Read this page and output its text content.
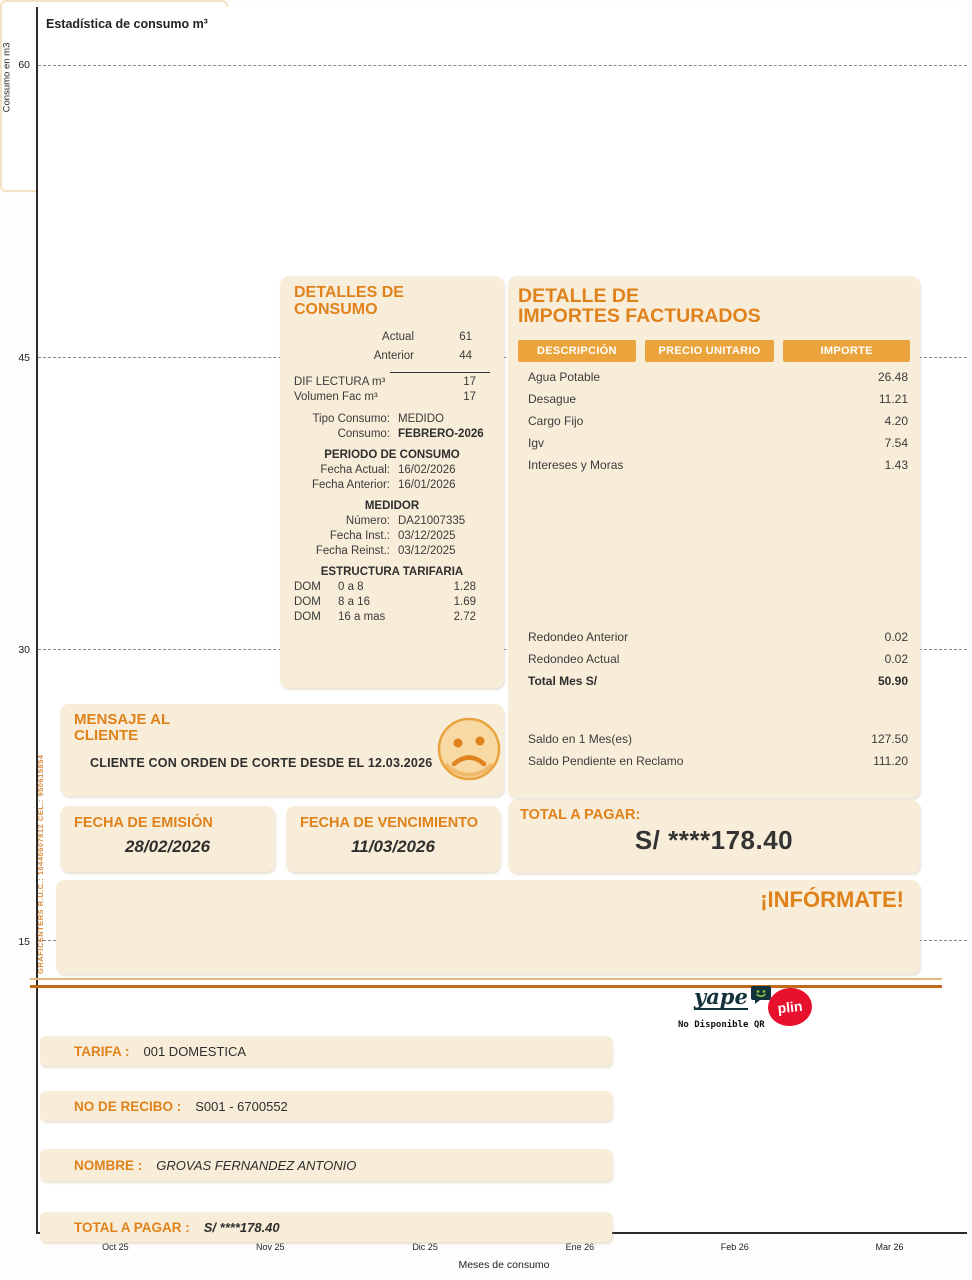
Consumo en m3
15
30
45
60
Estadística de consumo m³
Oct 25	Nov 25	Dic 25	Ene 26	Feb 26	Mar 26
Meses de consumo
DETALLES DE
CONSUMO
Actual	61
Anterior	44
DIF LECTURA m³	17
Volumen Fac m³	17
Tipo Consumo: MEDIDO
Consumo: FEBRERO-2026
PERIODO DE CONSUMO
Fecha Actual: 16/02/2026
Fecha Anterior: 16/01/2026
MEDIDOR
Número: DA21007335
Fecha Inst.: 03/12/2025
Fecha Reinst.: 03/12/2025
ESTRUCTURA TARIFARIA
DOM	0 a 8	1.28
DOM	8 a 16	1.69
DOM	16 a mas	2.72
DETALLE DE
IMPORTES FACTURADOS
DESCRIPCIÓN	PRECIO UNITARIO	IMPORTE
Agua Potable	26.48
Desague	11.21
Cargo Fijo	4.20
Igv	7.54
Intereses y Moras	1.43
Redondeo Anterior	0.02
Redondeo Actual	0.02
Total Mes S/	50.90
Saldo en 1 Mes(es)	127.50
Saldo Pendiente en Reclamo	111.20
MENSAJE AL
CLIENTE
CLIENTE CON ORDEN DE CORTE DESDE EL 12.03.2026
FECHA DE EMISIÓN
28/02/2026
FECHA DE VENCIMIENTO
11/03/2026
TOTAL A PAGAR:
S/ ****178.40
¡INFÓRMATE!
yape	plin
No Disponible QR
TARIFA : 001 DOMESTICA
NO DE RECIBO : S001 - 6700552
NOMBRE : GROVAS FERNANDEZ ANTONIO
TOTAL A PAGAR : S/ ****178.40
GRAFICENTERS R.U.C.: 10440607812 CEL.: 950615854
